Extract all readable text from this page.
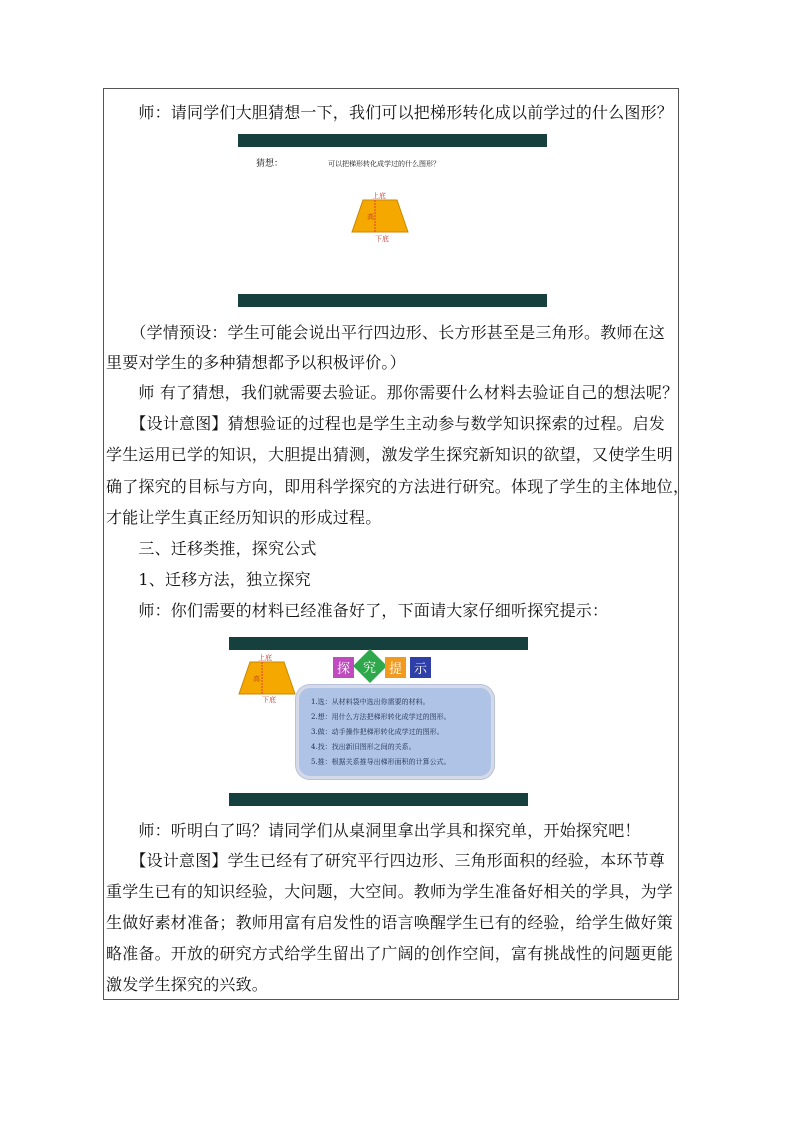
　　师：请同学们大胆猜想一下，我们可以把梯形转化成以前学过的什么图形？
猜想：	可以把梯形转化成学过的什么图形？
上底
高
下底
　　（学情预设：学生可能会说出平行四边形、长方形甚至是三角形。教师在这
里要对学生的多种猜想都予以积极评价。）
　　师 有了猜想，我们就需要去验证。那你需要什么材料去验证自己的想法呢？
　　【设计意图】猜想验证的过程也是学生主动参与数学知识探索的过程。启发
学生运用已学的知识，大胆提出猜测，激发学生探究新知识的欲望，又使学生明
确了探究的目标与方向，即用科学探究的方法进行研究。体现了学生的主体地位，
才能让学生真正经历知识的形成过程。
　　三、迁移类推，探究公式
　　1、迁移方法，独立探究
　　师：你们需要的材料已经准备好了，下面请大家仔细听探究提示：
上底
高
下底
探 究 提 示
1.选：从材料袋中选出你需要的材料。
2.想：用什么方法把梯形转化成学过的图形。
3.做：动手操作把梯形转化成学过的图形。
4.找：找出新旧图形之间的关系。
5.推：根据关系推导出梯形面积的计算公式。
　　师：听明白了吗？请同学们从桌洞里拿出学具和探究单，开始探究吧！
　　【设计意图】学生已经有了研究平行四边形、三角形面积的经验，本环节尊
重学生已有的知识经验，大问题，大空间。教师为学生准备好相关的学具，为学
生做好素材准备；教师用富有启发性的语言唤醒学生已有的经验，给学生做好策
略准备。开放的研究方式给学生留出了广阔的创作空间，富有挑战性的问题更能
激发学生探究的兴致。
